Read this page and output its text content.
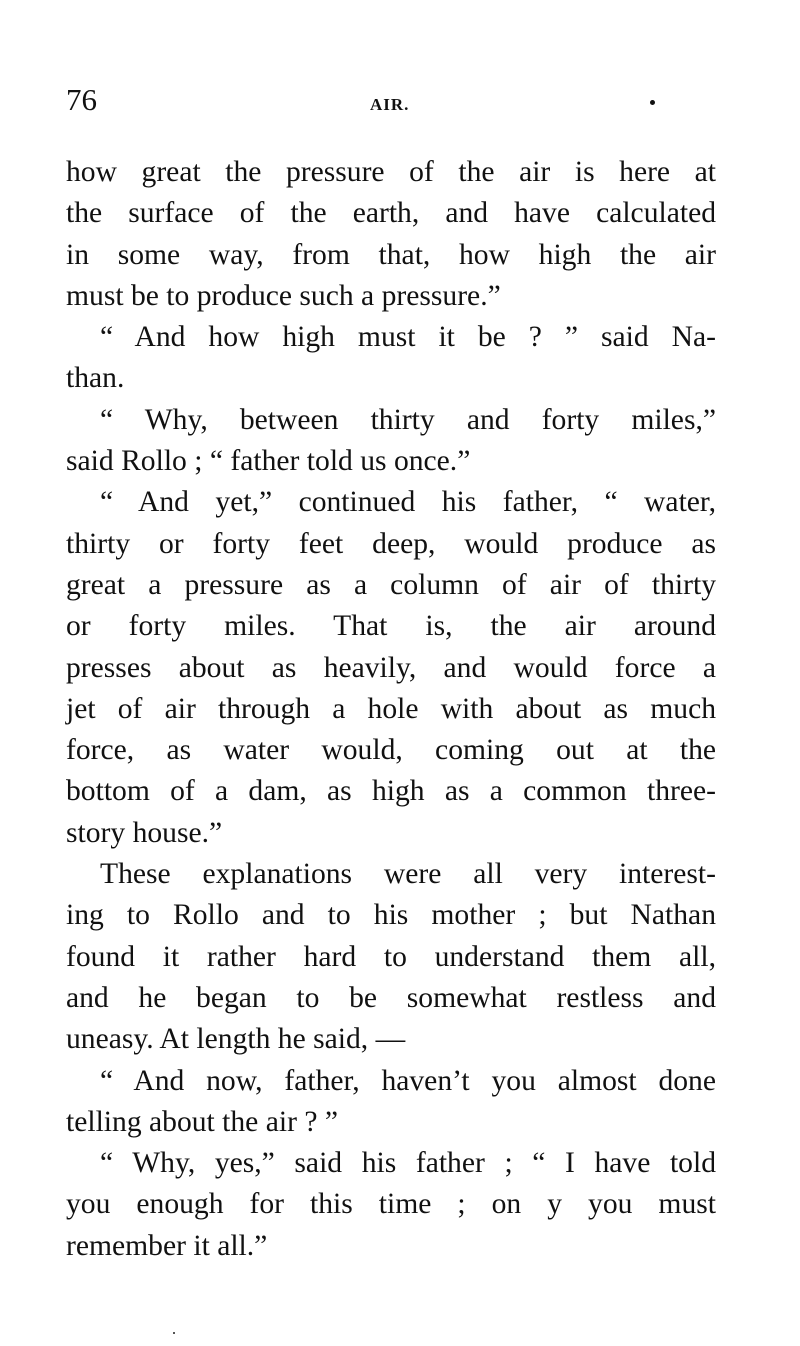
76	AIR.
how great the pressure of the air is here at
the surface of the earth, and have calculated
in some way, from that, how high the air
must be to produce such a pressure.”
“ And how high must it be ? ” said Na-
than.
“ Why, between thirty and forty miles,”
said Rollo ; “ father told us once.”
“ And yet,” continued his father, “ water,
thirty or forty feet deep, would produce as
great a pressure as a column of air of thirty
or forty miles. That is, the air around
presses about as heavily, and would force a
jet of air through a hole with about as much
force, as water would, coming out at the
bottom of a dam, as high as a common three-
story house.”
These explanations were all very interest-
ing to Rollo and to his mother ; but Nathan
found it rather hard to understand them all,
and he began to be somewhat restless and
uneasy. At length he said, —
“ And now, father, haven’t you almost done
telling about the air ? ”
“ Why, yes,” said his father ; “ I have told
you enough for this time ; on y you must
remember it all.”
